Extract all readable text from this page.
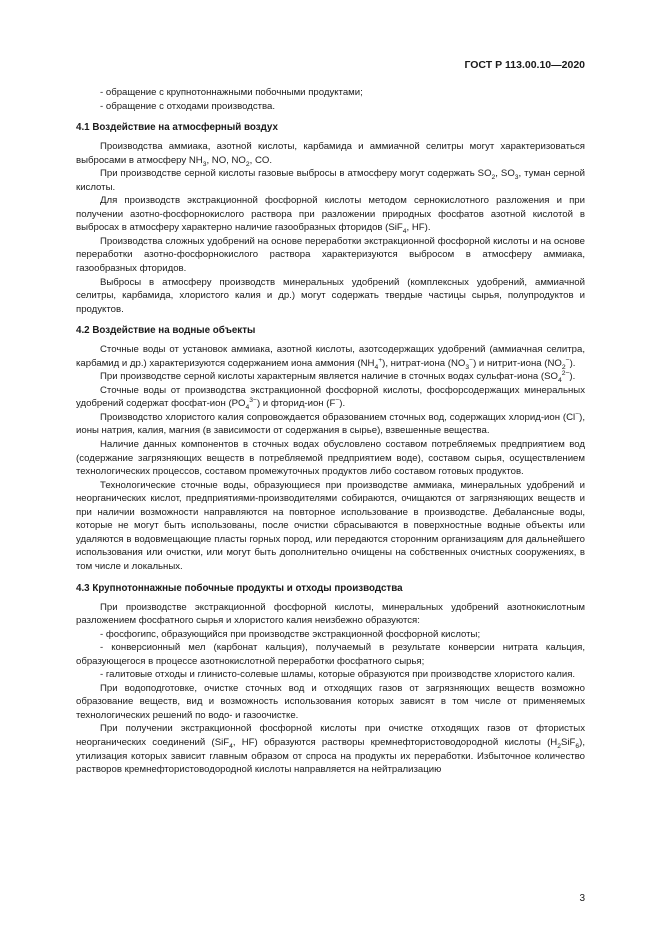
ГОСТ Р 113.00.10—2020

- обращение с крупнотоннажными побочными продуктами;

- обращение с отходами производства.

4.1 Воздействие на атмосферный воздух

Производства аммиака, азотной кислоты, карбамида и аммиачной селитры могут характеризоваться выбросами в атмосферу $NH_3$, NO, $NO_2$, CO.

При производстве серной кислоты газовые выбросы в атмосферу могут содержать $SO_2$, $SO_3$, туман серной кислоты.

Для производств экстракционной фосфорной кислоты методом сернокислотного разложения и при получении азотно-фосфорнокислого раствора при разложении природных фосфатов азотной кислотой в выбросах в атмосферу характерно наличие газообразных фторидов (SiF$_4$, HF).

Производства сложных удобрений на основе переработки экстракционной фосфорной кислоты и на основе переработки азотно-фосфорнокислого раствора характеризуются выбросом в атмосферу аммиака, газообразных фторидов.

Выбросы в атмосферу производств минеральных удобрений (комплексных удобрений, аммиачной селитры, карбамида, хлористого калия и др.) могут содержать твердые частицы сырья, полупродуктов и продуктов.

4.2 Воздействие на водные объекты

Сточные воды от установок аммиака, азотной кислоты, азотсодержащих удобрений (аммиачная селитра, карбамид и др.) характеризуются содержанием иона аммония $(NH_4^+)$, нитрат-иона $(NO_3^-)$ и нитрит-иона $(NO_2^-)$.

При производстве серной кислоты характерным является наличие в сточных водах сульфат-иона $(SO_4^{2-})$.

Сточные воды от производства экстракционной фосфорной кислоты, фосфорсодержащих минеральных удобрений содержат фосфат-ион $(PO_4^{3-})$ и фторид-ион (F−).

Производство хлористого калия сопровождается образованием сточных вод, содержащих хлорид-ион (Cl−), ионы натрия, калия, магния (в зависимости от содержания в сырье), взвешенные вещества.

Наличие данных компонентов в сточных водах обусловлено составом потребляемых предприятием вод (содержание загрязняющих веществ в потребляемой предприятием воде), составом сырья, осуществлением технологических процессов, составом промежуточных продуктов либо составом готовых продуктов.

Технологические сточные воды, образующиеся при производстве аммиака, минеральных удобрений и неорганических кислот, предприятиями-производителями собираются, очищаются от загрязняющих веществ и при наличии возможности направляются на повторное использование в производстве. Дебалансные воды, которые не могут быть использованы, после очистки сбрасываются в поверхностные водные объекты или удаляются в водовмещающие пласты горных пород, или передаются сторонним организациям для дальнейшего использования или очистки, или могут быть дополнительно очищены на собственных очистных сооружениях, в том числе и локальных.

4.3 Крупнотоннажные побочные продукты и отходы производства

При производстве экстракционной фосфорной кислоты, минеральных удобрений азотнокислотным разложением фосфатного сырья и хлористого калия неизбежно образуются:

- фосфогипс, образующийся при производстве экстракционной фосфорной кислоты;

- конверсионный мел (карбонат кальция), получаемый в результате конверсии нитрата кальция, образующегося в процессе азотнокислотной переработки фосфатного сырья;

- галитовые отходы и глинисто-солевые шламы, которые образуются при производстве хлористого калия.

При водоподготовке, очистке сточных вод и отходящих газов от загрязняющих веществ возможно образование веществ, вид и возможность использования которых зависят в том числе от применяемых технологических решений по водо- и газоочистке.

При получении экстракционной фосфорной кислоты при очистке отходящих газов от фтористых неорганических соединений (SiF$_4$, HF) образуются растворы кремнефтористоводородной кислоты $(H_2SiF_6)$, утилизация которых зависит главным образом от спроса на продукты их переработки. Избыточное количество растворов кремнефтористоводородной кислоты направляется на нейтрализацию

3
